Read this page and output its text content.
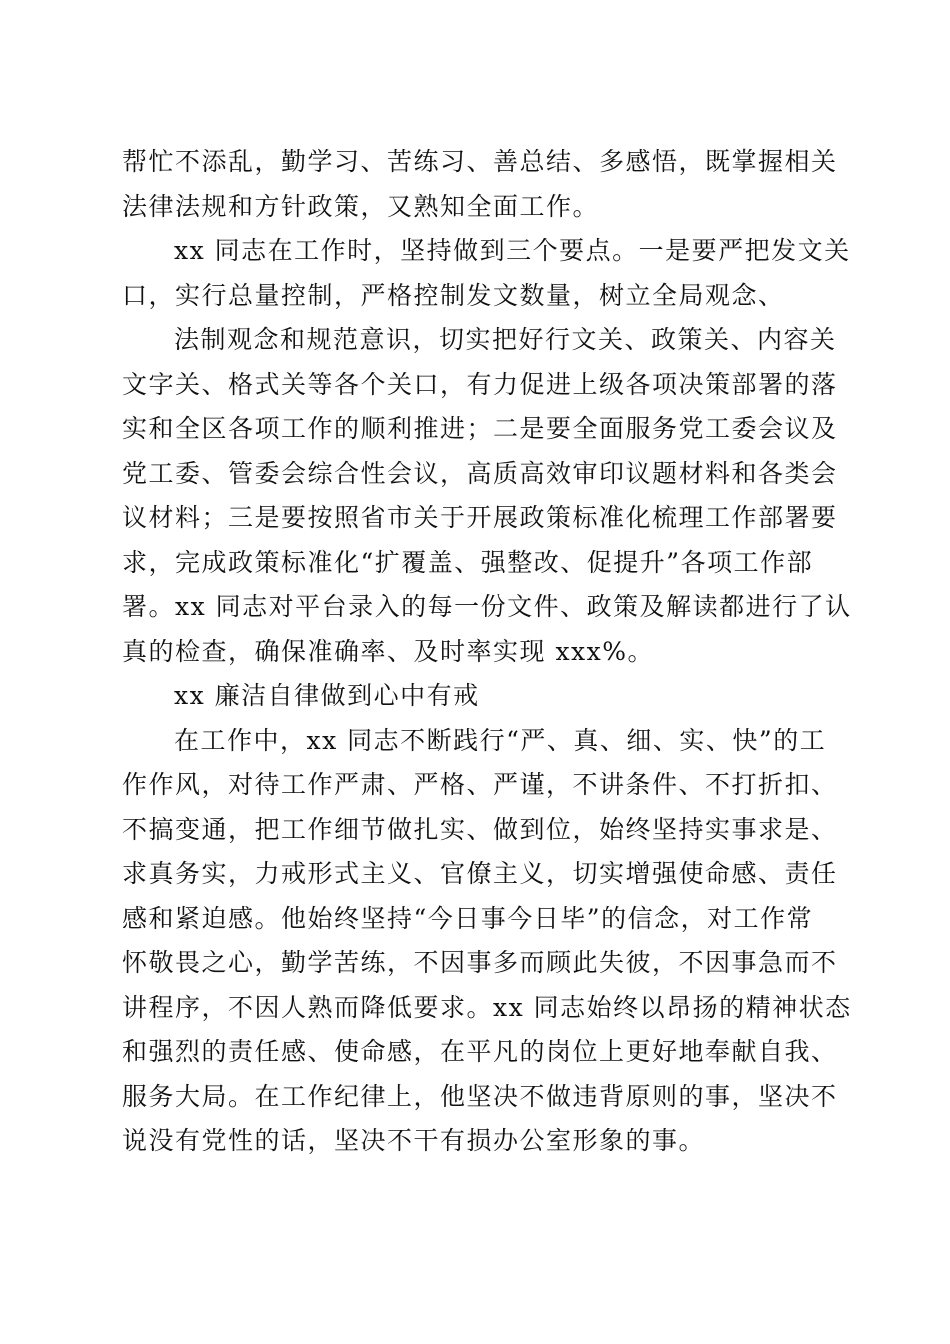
帮忙不添乱，勤学习、苦练习、善总结、多感悟，既掌握相关
法律法规和方针政策，又熟知全面工作。
xx 同志在工作时，坚持做到三个要点。一是要严把发文关
口，实行总量控制，严格控制发文数量，树立全局观念、
法制观念和规范意识，切实把好行文关、政策关、内容关
文字关、格式关等各个关口，有力促进上级各项决策部署的落
实和全区各项工作的顺利推进；二是要全面服务党工委会议及
党工委、管委会综合性会议，高质高效审印议题材料和各类会
议材料；三是要按照省市关于开展政策标准化梳理工作部署要
求，完成政策标准化“扩覆盖、强整改、促提升”各项工作部
署。xx 同志对平台录入的每一份文件、政策及解读都进行了认
真的检查，确保准确率、及时率实现 xxx%。
xx 廉洁自律做到心中有戒
在工作中，xx 同志不断践行“严、真、细、实、快”的工
作作风，对待工作严肃、严格、严谨，不讲条件、不打折扣、
不搞变通，把工作细节做扎实、做到位，始终坚持实事求是、
求真务实，力戒形式主义、官僚主义，切实增强使命感、责任
感和紧迫感。他始终坚持“今日事今日毕”的信念，对工作常
怀敬畏之心，勤学苦练，不因事多而顾此失彼，不因事急而不
讲程序，不因人熟而降低要求。xx 同志始终以昂扬的精神状态
和强烈的责任感、使命感，在平凡的岗位上更好地奉献自我、
服务大局。在工作纪律上，他坚决不做违背原则的事，坚决不
说没有党性的话，坚决不干有损办公室形象的事。
